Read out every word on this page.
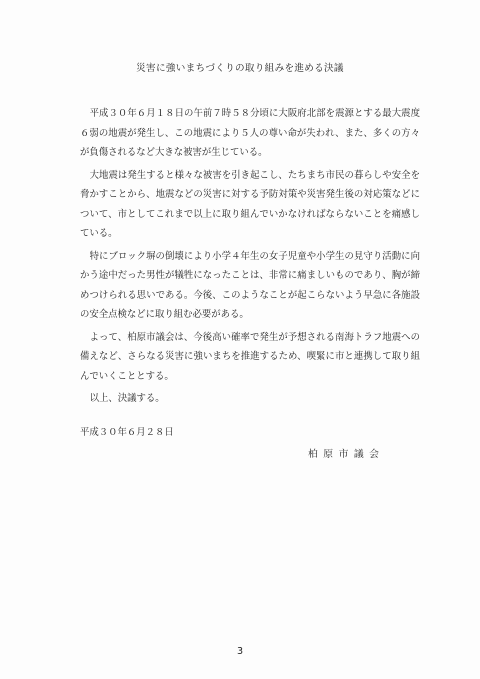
災害に強いまちづくりの取り組みを進める決議

平成３０年６月１８日の午前７時５８分頃に大阪府北部を震源とする最大震度６弱の地震が発生し、この地震により５人の尊い命が失われ、また、多くの方々が負傷されるなど大きな被害が生じている。

大地震は発生すると様々な被害を引き起こし、たちまち市民の暮らしや安全を脅かすことから、地震などの災害に対する予防対策や災害発生後の対応策などについて、市としてこれまで以上に取り組んでいかなければならないことを痛感している。

特にブロック塀の倒壊により小学４年生の女子児童や小学生の見守り活動に向かう途中だった男性が犠牲になったことは、非常に痛ましいものであり、胸が締めつけられる思いである。今後、このようなことが起こらないよう早急に各施設の安全点検などに取り組む必要がある。

よって、柏原市議会は、今後高い確率で発生が予想される南海トラフ地震への備えなど、さらなる災害に強いまちを推進するため、喫緊に市と連携して取り組んでいくこととする。

以上、決議する。

平成３０年６月２８日
柏原市議会
3
